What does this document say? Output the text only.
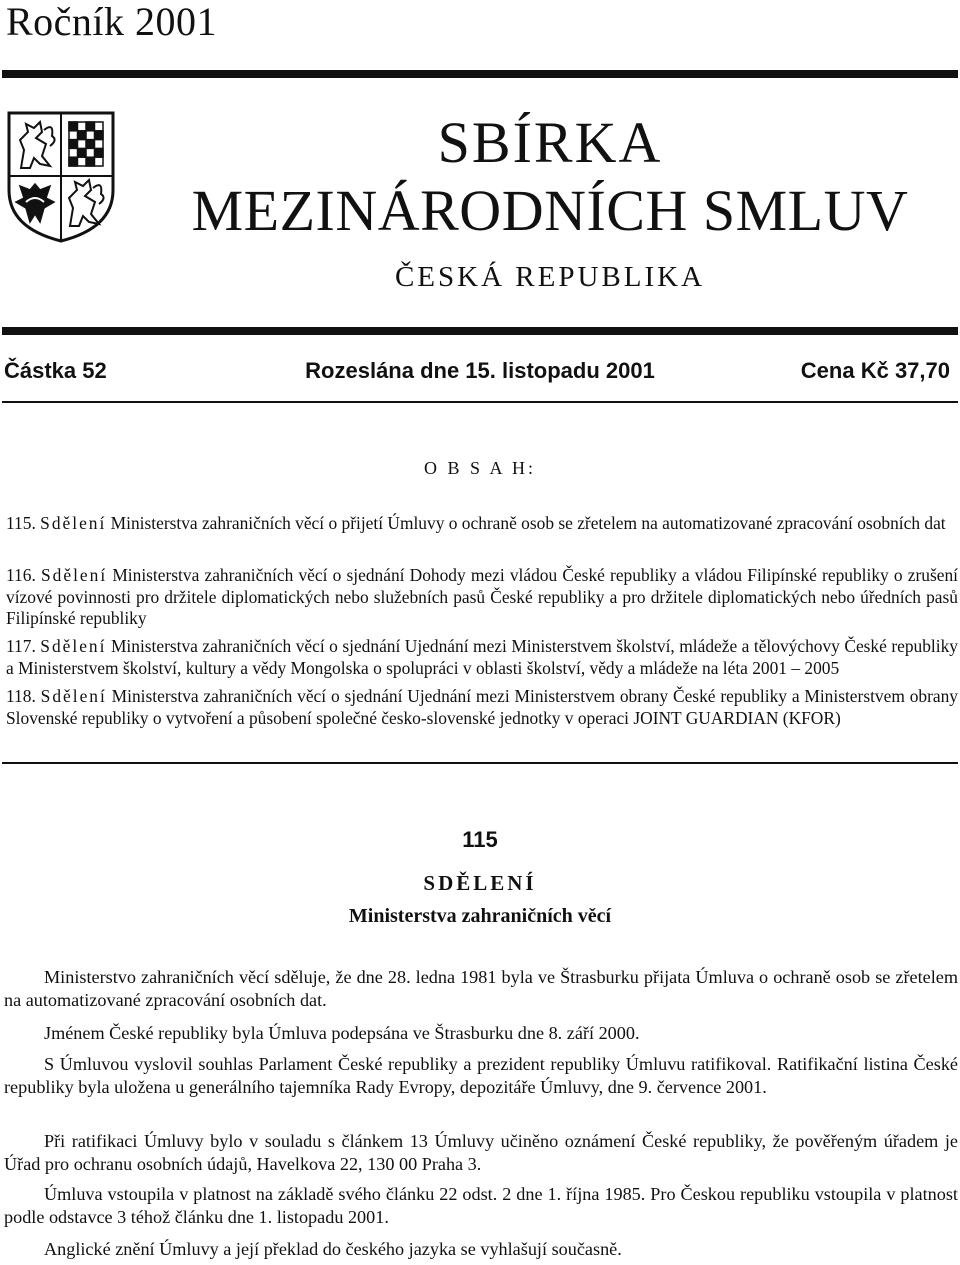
Ročník 2001
SBÍRKA
MEZINÁRODNÍCH SMLUV
ČESKÁ REPUBLIKA
Částka 52	Rozeslána dne 15. listopadu 2001	Cena Kč 37,70
O B S A H:
115. Sdělení Ministerstva zahraničních věcí o přijetí Úmluvy o ochraně osob se zřetelem na automatizované zpracování osobních dat
116. Sdělení Ministerstva zahraničních věcí o sjednání Dohody mezi vládou České republiky a vládou Filipínské republiky o zrušení vízové povinnosti pro držitele diplomatických nebo služebních pasů České republiky a pro držitele diplomatických nebo úředních pasů Filipínské republiky
117. Sdělení Ministerstva zahraničních věcí o sjednání Ujednání mezi Ministerstvem školství, mládeže a tělovýchovy České republiky a Ministerstvem školství, kultury a vědy Mongolska o spolupráci v oblasti školství, vědy a mládeže na léta 2001 – 2005
118. Sdělení Ministerstva zahraničních věcí o sjednání Ujednání mezi Ministerstvem obrany České republiky a Ministerstvem obrany Slovenské republiky o vytvoření a působení společné česko-slovenské jednotky v operaci JOINT GUARDIAN (KFOR)
115
SDĚLENÍ
Ministerstva zahraničních věcí
Ministerstvo zahraničních věcí sděluje, že dne 28. ledna 1981 byla ve Štrasburku přijata Úmluva o ochraně osob se zřetelem na automatizované zpracování osobních dat.
Jménem České republiky byla Úmluva podepsána ve Štrasburku dne 8. září 2000.
S Úmluvou vyslovil souhlas Parlament České republiky a prezident republiky Úmluvu ratifikoval. Ratifikační listina České republiky byla uložena u generálního tajemníka Rady Evropy, depozitáře Úmluvy, dne 9. července 2001.
Při ratifikaci Úmluvy bylo v souladu s článkem 13 Úmluvy učiněno oznámení České republiky, že pověřeným úřadem je Úřad pro ochranu osobních údajů, Havelkova 22, 130 00 Praha 3.
Úmluva vstoupila v platnost na základě svého článku 22 odst. 2 dne 1. října 1985. Pro Českou republiku vstoupila v platnost podle odstavce 3 téhož článku dne 1. listopadu 2001.
Anglické znění Úmluvy a její překlad do českého jazyka se vyhlašují současně.
